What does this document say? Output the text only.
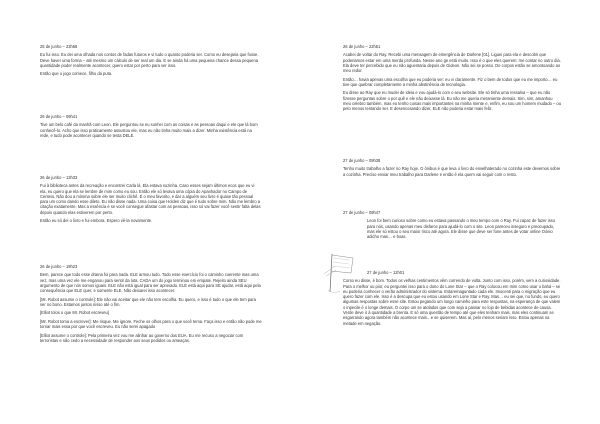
25 de junho – 23h58
Eu fui isso. Eu dei uma olhada nos contos de fadas futuros e vi tudo o quanto poderia ser. Como eu desejaria que fosse. Deve haver uma forma – até mesmo um cálculo de ser real um dia. E se ainda há uma pequena chance dessa pequena quantidade poder realmente acontecer, quero estar por perto para ver isso.
Então que o jogo comece, filho da puta.
26 de junho – 09h41
Tive um belo café da manhã com Leon. Ele perguntou se eu sonhei com as coisas e as pessoas daqui e ele que lá bom conhecê-lo. Acho que isso praticamente assustou ele, mas eu não tinha muito mais a dizer. Minha existência está na rede, e tudo pode acontecer quando se testa DELE.
26 de junho – 13h33
Fui à biblioteca antes da recreação e encontrei Carla lá. Ela estava sozinha. Caso esses sejam últimos ecos que eu vi ela, eu quero que ela se lembre de mim como eu sou. Então ele só levava uma cópia do Apanhador no Campo de Centeio. Não dou a mínima sobre ele ser muito clichê. É o meu favorito, e dar a alguém seu livro é quase tão pessoal para um como dando esse dileto. Eu não disse nada. Uma coisa que Holden diz que é tudo sobre mim. Não me lembro a citação exatamente. Mas a essência é se você consegue afastar com as pessoas, isso só vai fazer você sentir falta delas depois quando elas estiverem por perto.
Então eu só dei o livro e fui embora. Espero vê-la novamente.
26 de junho – 19h23
Bem, parece que todo esse drama foi para nada. ELE armou tudo. Todo esse exercício foi o caminho coerente mas uma vez, mas uma vez ele me enganou para sentir da luta. CADA um do jogo terminou em empate. Rejeito ainda SEU argumento de que nós somos iguais. ELE não está igual para ser aprovado. ELE está aqui para SE ajudar, está aqui pela consequência que ELE quer, e somente ELE. Não deixarei isso acontecer.
[Mr. Robot assume o controle]: Ele não vai aceitar que ele não tem escolha. Eu quero, e isso é tudo o que ele tem para ser no bono. Estamos juntos nisso até o fim.
[Elliot tolos o que Mr. Robot escreveu]
[Mr. Robot toma a escrever]: Me risque. Me ignore. Feche os olhos para o que você tema. Faça isso e então não pode me tornar mais essa por que você escreveu. Eu não serei apagado
[Elliot assume o controle]: Pela primeira vez vou me alinhar ao governo dos EUA. Eu me recuso a negociar com terroristas e não cedo a necessidade de responder aos seus pedidos ou ameaças.
26 de junho – 22h51
Acabei de voltar do Ray. Recebi uma mensagem de emergência de Darlene [01]. Liguei para ela e descobri que poderiamos estar em uma merda profunda. Nesse ano ge está muito. Isso é o que eles querem: me contar no outro dia. Ela deve ter percebido que eu não aguentaria depois de Gideon. Não sei se posso. De corpos estão se amontoando ao meu redor.
Então… havia apenas uma escolha que eu poderia ver: eu vi claramente. Fiz o bem de todos que eu me importo… eu tive que quebrar completamente a minha abstinência de tecnologia.
Eu disse ao Ray que eu mudei de ideia e vou ajudá-lo com o seu website. Ele só tinha uma ressalva – que eu não fizesse perguntas sobre o por quê e ele não deixasse lá. Eu não me queria meramente demais. Sim, sim, amanhou meu celebro também, mas eu tenho coisas mais importantes na minha mente e, enfim, eu sou um homem mudado – ou pelo menos tentando ser. E desencosando dizer, ELE não poderia estar mais feliz.
27 de junho – 09h38
Tenho muito trabalho a fazer no Ray hoje. O ônibus é que leva o livro do envelhaterado no cozinha este devemos sobre a cozinha. Preciso enviar meu trabalho para Darlene e então é ela quem vai seguir com o resto.
27 de junho – 09h47
Leon foi bem curioso sobre como eu estava passando o meu tempo com o Ray. Fui capaz de fazer isso para nós, usando apenas meu disfarce para ajudá-lo com o site. Leon pareceu inseguro e preocupado, mas ele só estou o seu maior risco até agora. Ele disse que deve ser fone antes de votar online Oóeio adicho mas… e boas.
27 de junho – 12h01
Corso eu disse, é bom. Todos os velhas centimentos vêm correndo de volta. Junto com isso, porém, vem a curiosidade. Para o melhor ou pior, eu perguntei isso para o dono do Lone Star – que o Ray colocou em mim como usar o bahá – se eu poderia conhecer o verão administrador do sistema. Estaremaguntado cada ele. Imocenti para o migração que eu quero fazer com ele. Isso é a descupa que eu estou usando em Lone Star e Ray. Mas… eu sei que, no fundo, eu quero algumas respostas sobre esse site. Estou pegando um longo caminho para este respostas, na esperança de que valem o inpecile é o longe demais. O corpo um se atolados que com seja a passar no lojo de bebidas acontece de causa. Verde deve ir à quantidade a brenta. E só uma questão de tempo até que eles tenham mais, mas eles continuam se esgarrando agora também não acontece mais…e se quiserem. Mas aí, pelo menos seriam isso. Estou apenas na metade em negação.
